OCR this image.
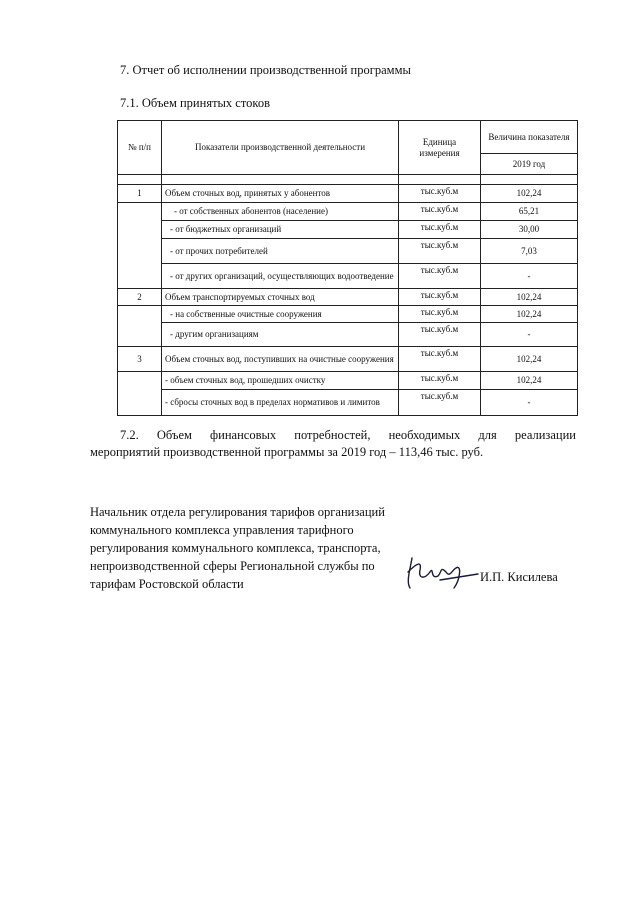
7. Отчет об исполнении производственной программы
7.1. Объем принятых стоков
№ п/п	Показатели производственной деятельности	Единица измерения	Величина показателя
			2019 год

1	Объем сточных вод, принятых у абонентов	тыс.куб.м	102,24
	- от собственных абонентов (население)	тыс.куб.м	65,21
	- от бюджетных организаций	тыс.куб.м	30,00
	- от прочих потребителей	тыс.куб.м	7,03
	- от других организаций, осуществляющих водоотведение	тыс.куб.м	-
2	Объем транспортируемых сточных вод	тыс.куб.м	102,24
	- на собственные очистные сооружения	тыс.куб.м	102,24
	- другим организациям	тыс.куб.м	-
3	Объем сточных вод, поступивших на очистные сооружения	тыс.куб.м	102,24
	- объем сточных вод, прошедших очистку	тыс.куб.м	102,24
	- сбросы сточных вод в пределах нормативов и лимитов	тыс.куб.м	-
7.2. Объем финансовых потребностей, необходимых для реализации
мероприятий производственной программы за 2019 год – 113,46 тыс. руб.
Начальник отдела регулирования тарифов организаций
коммунального комплекса управления тарифного
регулирования коммунального комплекса, транспорта,
непроизводственной сферы Региональной службы по
тарифам Ростовской области	И.П. Кисилева
